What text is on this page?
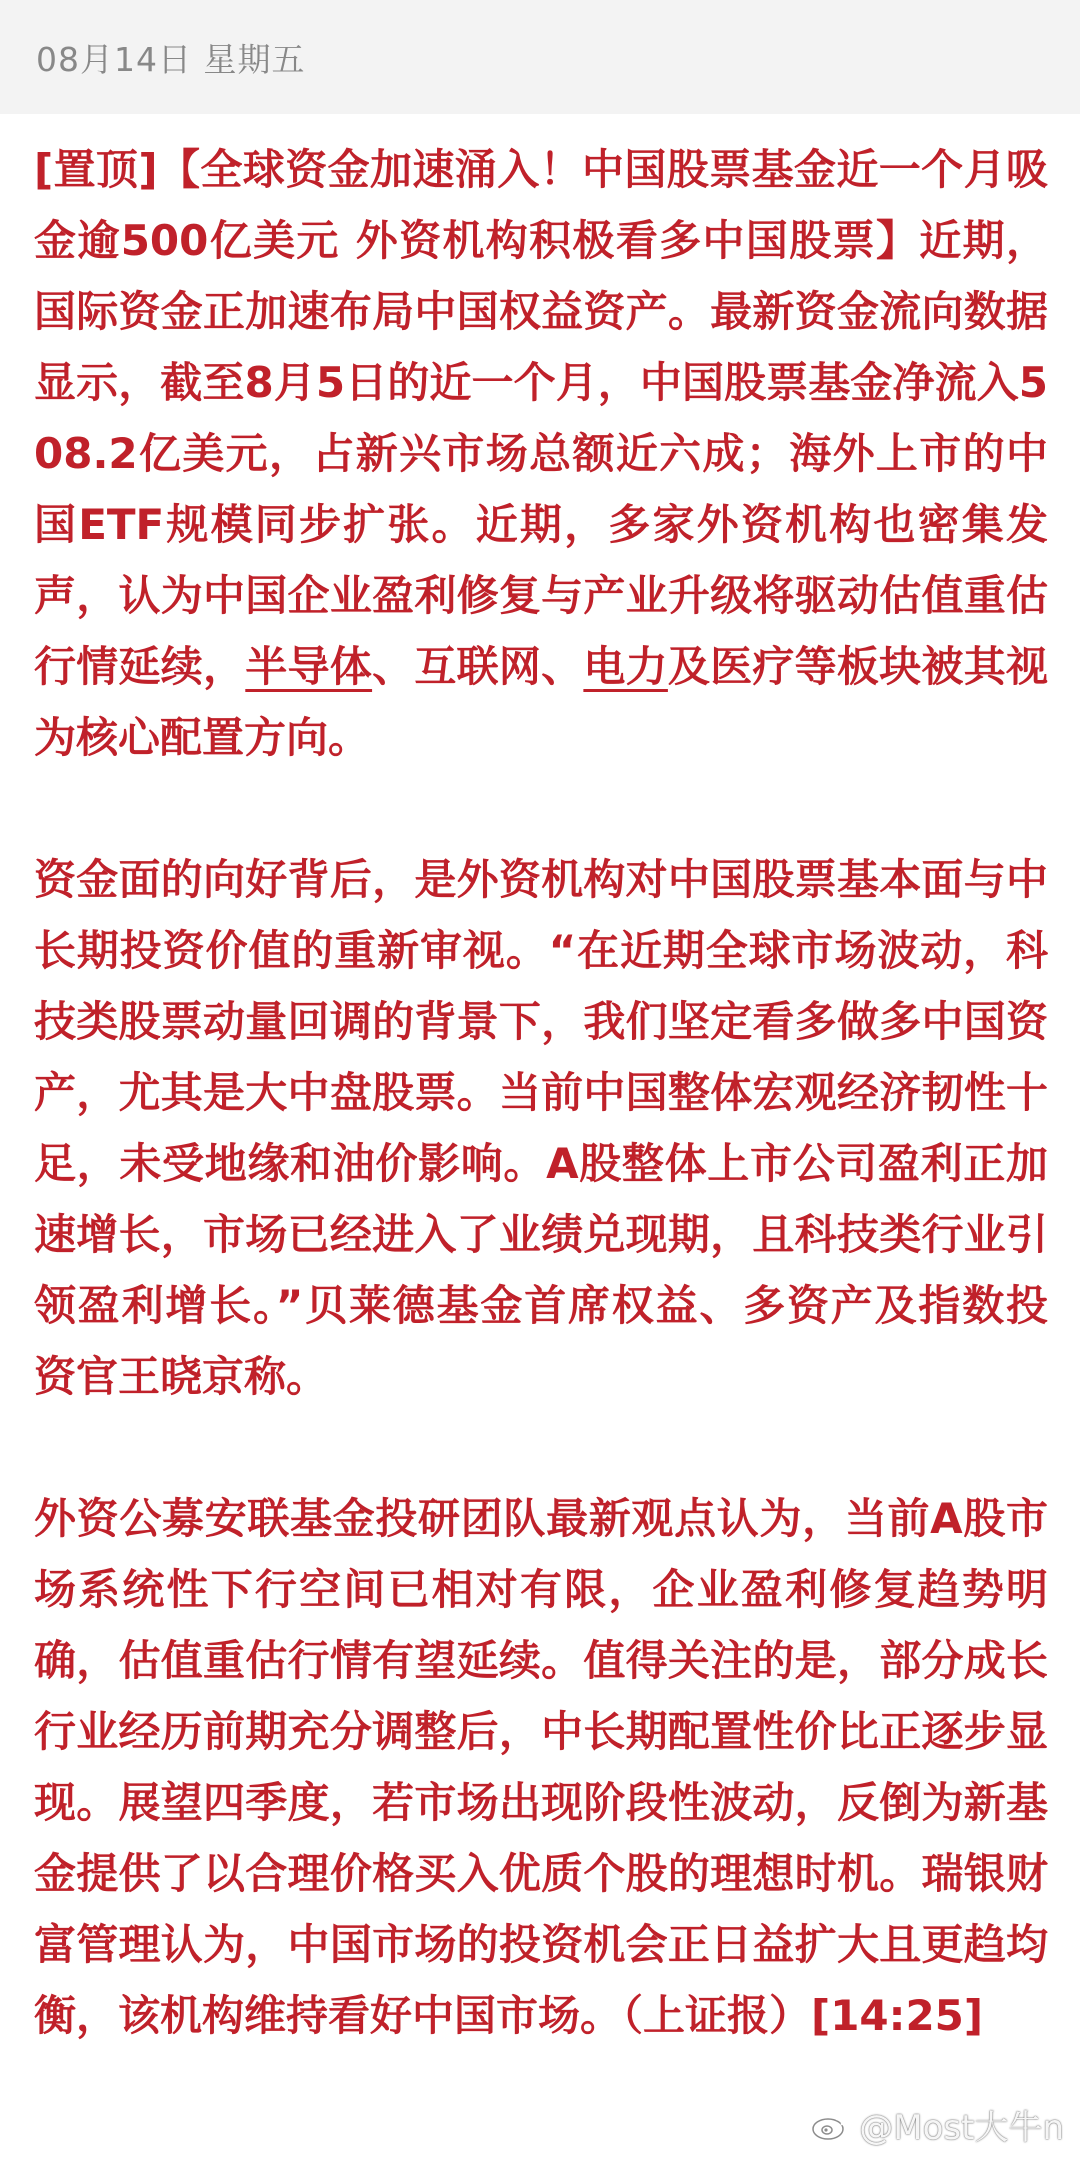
08月14日 星期五

[置顶]【全球资金加速涌入！中国股票基金近一个月吸金逾500亿美元 外资机构积极看多中国股票】近期，国际资金正加速布局中国权益资产。最新资金流向数据显示，截至8月5日的近一个月，中国股票基金净流入508.2亿美元，占新兴市场总额近六成；海外上市的中国ETF规模同步扩张。近期，多家外资机构也密集发声，认为中国企业盈利修复与产业升级将驱动估值重估行情延续，半导体、互联网、电力及医疗等板块被其视为核心配置方向。

资金面的向好背后，是外资机构对中国股票基本面与中长期投资价值的重新审视。“在近期全球市场波动，科技类股票动量回调的背景下，我们坚定看多做多中国资产，尤其是大中盘股票。当前中国整体宏观经济韧性十足，未受地缘和油价影响。A股整体上市公司盈利正加速增长，市场已经进入了业绩兑现期，且科技类行业引领盈利增长。”贝莱德基金首席权益、多资产及指数投资官王晓京称。

外资公募安联基金投研团队最新观点认为，当前A股市场系统性下行空间已相对有限，企业盈利修复趋势明确，估值重估行情有望延续。值得关注的是，部分成长行业经历前期充分调整后，中长期配置性价比正逐步显现。展望四季度，若市场出现阶段性波动，反倒为新基金提供了以合理价格买入优质个股的理想时机。瑞银财富管理认为，中国市场的投资机会正日益扩大且更趋均衡，该机构维持看好中国市场。（上证报）[14:25]

@Most大牛n
